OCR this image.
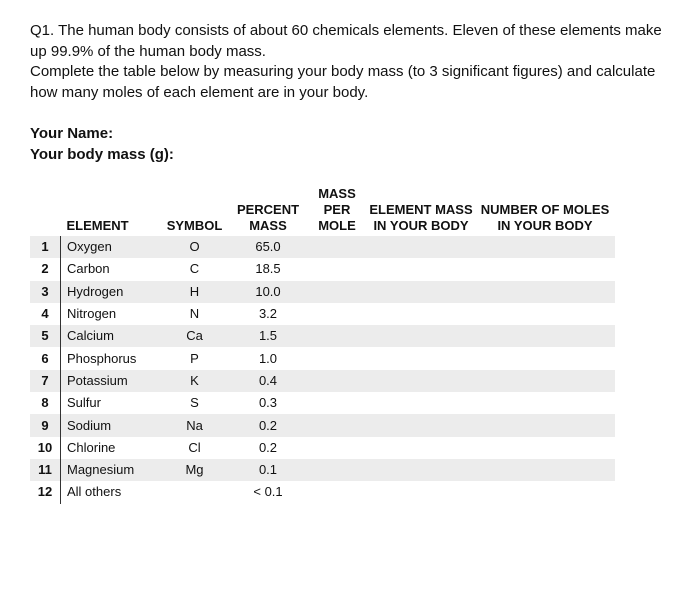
Q1. The human body consists of about 60 chemicals elements. Eleven of these elements make up 99.9% of the human body mass.

Complete the table below by measuring your body mass (to 3 significant figures) and calculate how many moles of each element are in your body.

Your Name:
Your body mass (g):
	ELEMENT	SYMBOL	PERCENT MASS	MASS PER MOLE	ELEMENT MASS IN YOUR BODY	NUMBER OF MOLES IN YOUR BODY
1	Oxygen	O	65.0			
2	Carbon	C	18.5			
3	Hydrogen	H	10.0			
4	Nitrogen	N	3.2			
5	Calcium	Ca	1.5			
6	Phosphorus	P	1.0			
7	Potassium	K	0.4			
8	Sulfur	S	0.3			
9	Sodium	Na	0.2			
10	Chlorine	Cl	0.2			
11	Magnesium	Mg	0.1			
12	All others		< 0.1			
